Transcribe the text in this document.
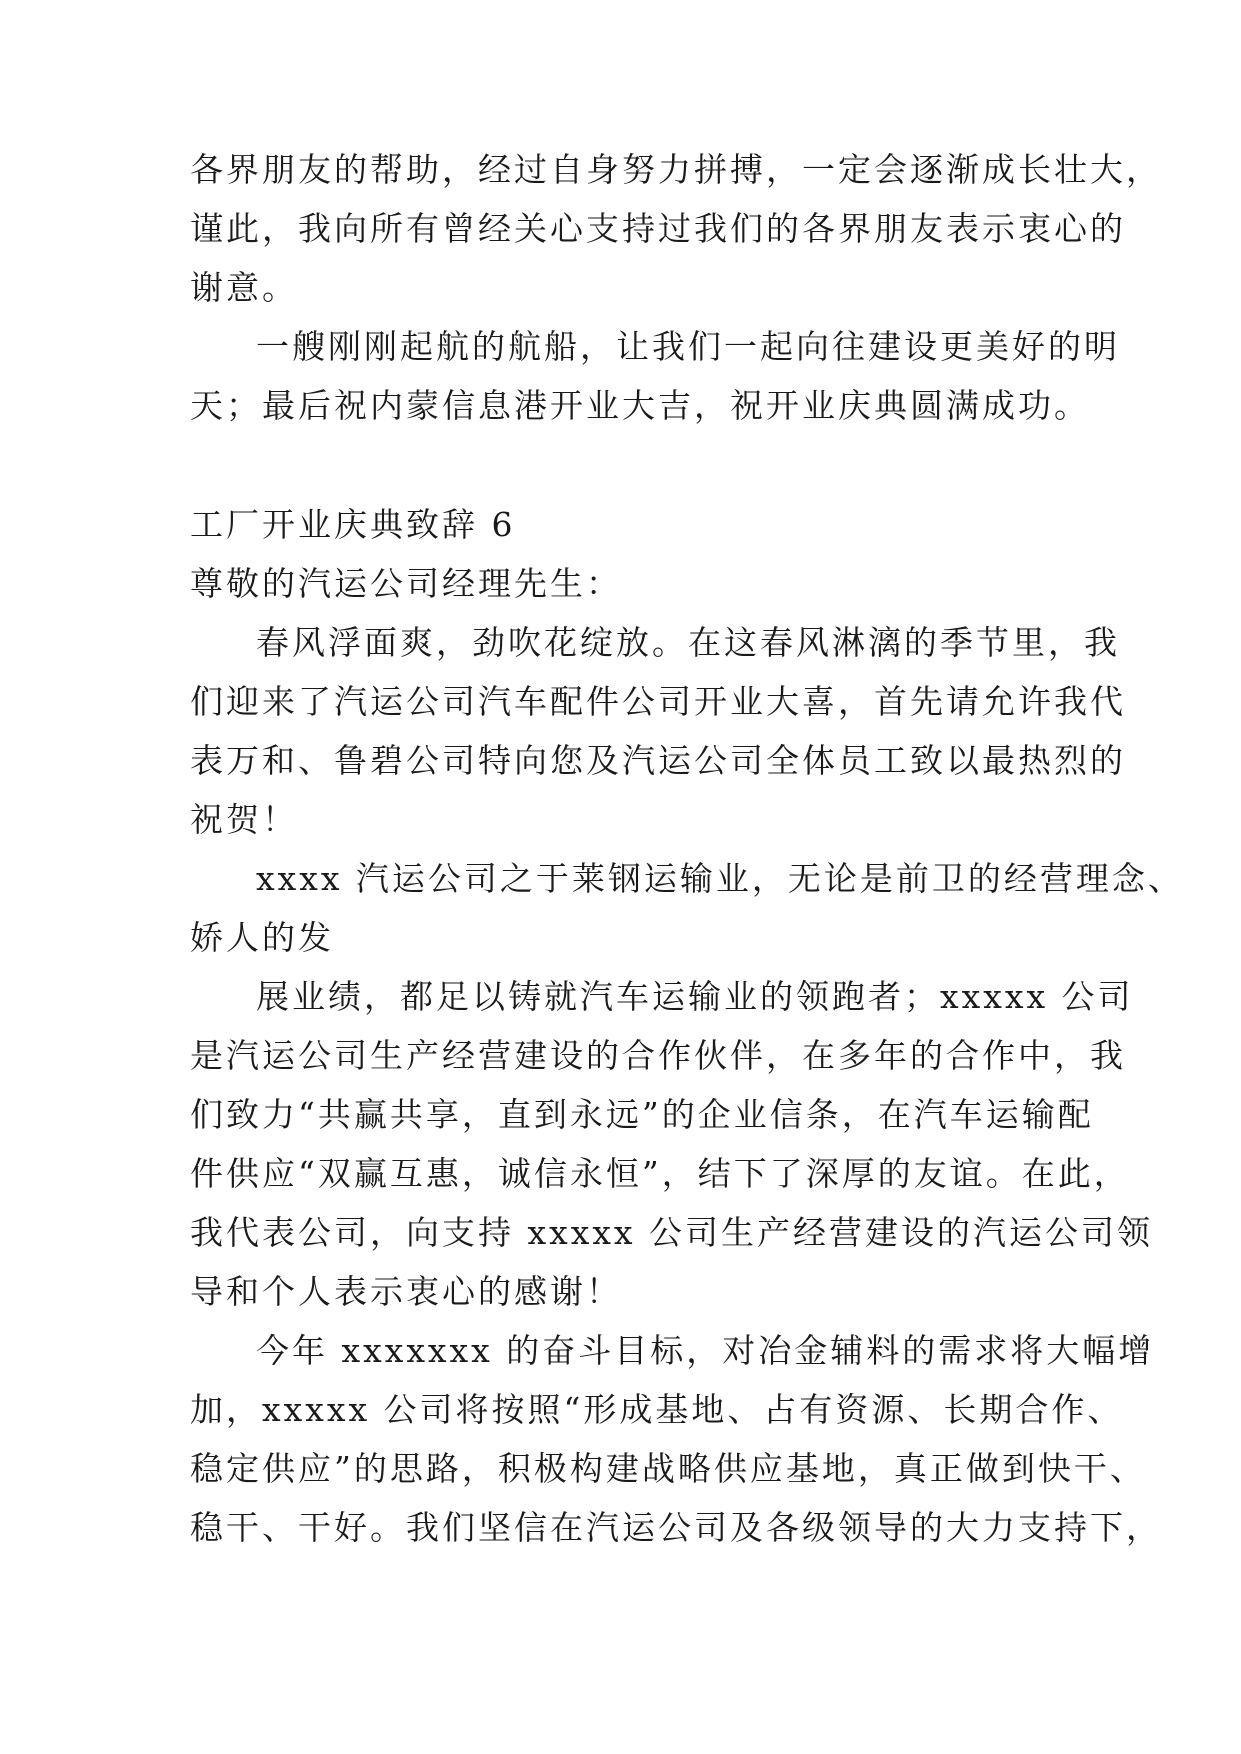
各界朋友的帮助，经过自身努力拼搏，一定会逐渐成长壮大，
谨此，我向所有曾经关心支持过我们的各界朋友表示衷心的
谢意。
一艘刚刚起航的航船，让我们一起向往建设更美好的明
天；最后祝内蒙信息港开业大吉，祝开业庆典圆满成功。
工厂开业庆典致辞 6
尊敬的汽运公司经理先生：
春风浮面爽，劲吹花绽放。在这春风淋漓的季节里，我
们迎来了汽运公司汽车配件公司开业大喜，首先请允许我代
表万和、鲁碧公司特向您及汽运公司全体员工致以最热烈的
祝贺！
xxxx 汽运公司之于莱钢运输业，无论是前卫的经营理念、
娇人的发
展业绩，都足以铸就汽车运输业的领跑者；xxxxx 公司
是汽运公司生产经营建设的合作伙伴，在多年的合作中，我
们致力“共赢共享，直到永远”的企业信条，在汽车运输配
件供应“双赢互惠，诚信永恒”，结下了深厚的友谊。在此，
我代表公司，向支持 xxxxx 公司生产经营建设的汽运公司领
导和个人表示衷心的感谢！
今年 xxxxxxx 的奋斗目标，对冶金辅料的需求将大幅增
加，xxxxx 公司将按照“形成基地、占有资源、长期合作、
稳定供应”的思路，积极构建战略供应基地，真正做到快干、
稳干、干好。我们坚信在汽运公司及各级领导的大力支持下，
